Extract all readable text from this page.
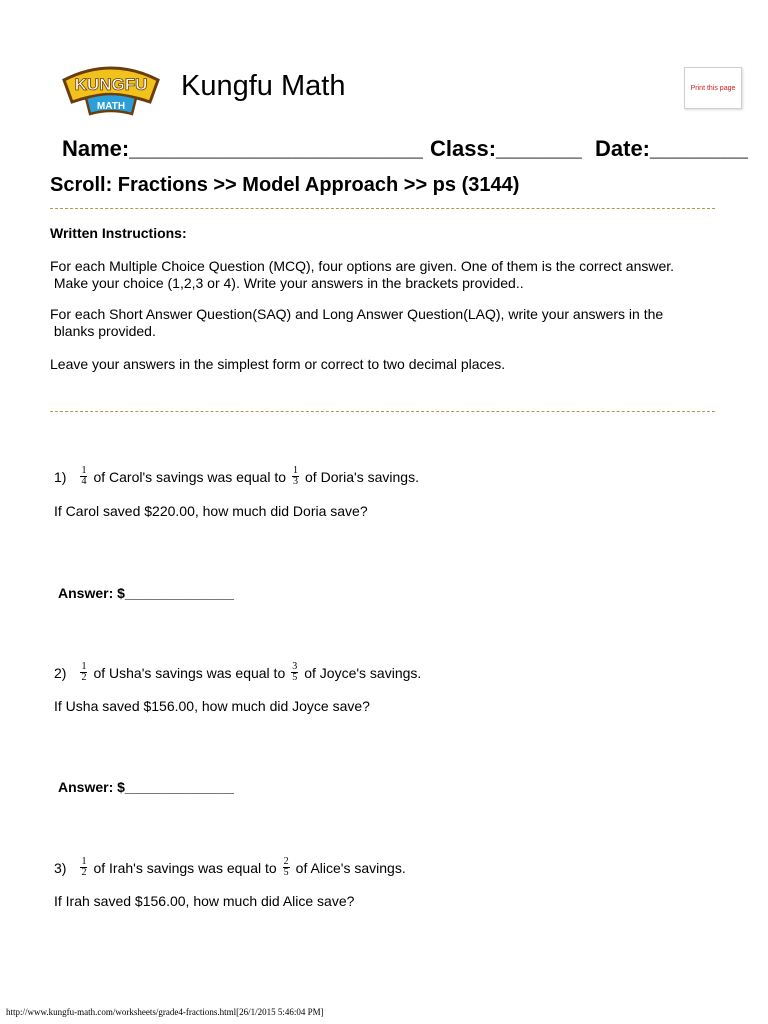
KUNGFU
MATH
Kungfu Math	Print this page
Name:________________________ Class:_______ Date:________
Scroll: Fractions >> Model Approach >> ps (3144)
Written Instructions:
For each Multiple Choice Question (MCQ), four options are given. One of them is the correct answer.
Make your choice (1,2,3 or 4). Write your answers in the brackets provided..
For each Short Answer Question(SAQ) and Long Answer Question(LAQ), write your answers in the
blanks provided.
Leave your answers in the simplest form or correct to two decimal places.
$1) \frac{1}{4}$ of Carol's savings was equal to $\frac{1}{3}$ of Doria's savings.
If Carol saved $220.00, how much did Doria save?
Answer: $______________
$2) \frac{1}{2}$ of Usha's savings was equal to $\frac{3}{5}$ of Joyce's savings.
If Usha saved $156.00, how much did Joyce save?
Answer: $______________
$3) \frac{1}{2}$ of Irah's savings was equal to $\frac{2}{5}$ of Alice's savings.
If Irah saved $156.00, how much did Alice save?
http://www.kungfu-math.com/worksheets/grade4-fractions.html[26/1/2015 5:46:04 PM]
